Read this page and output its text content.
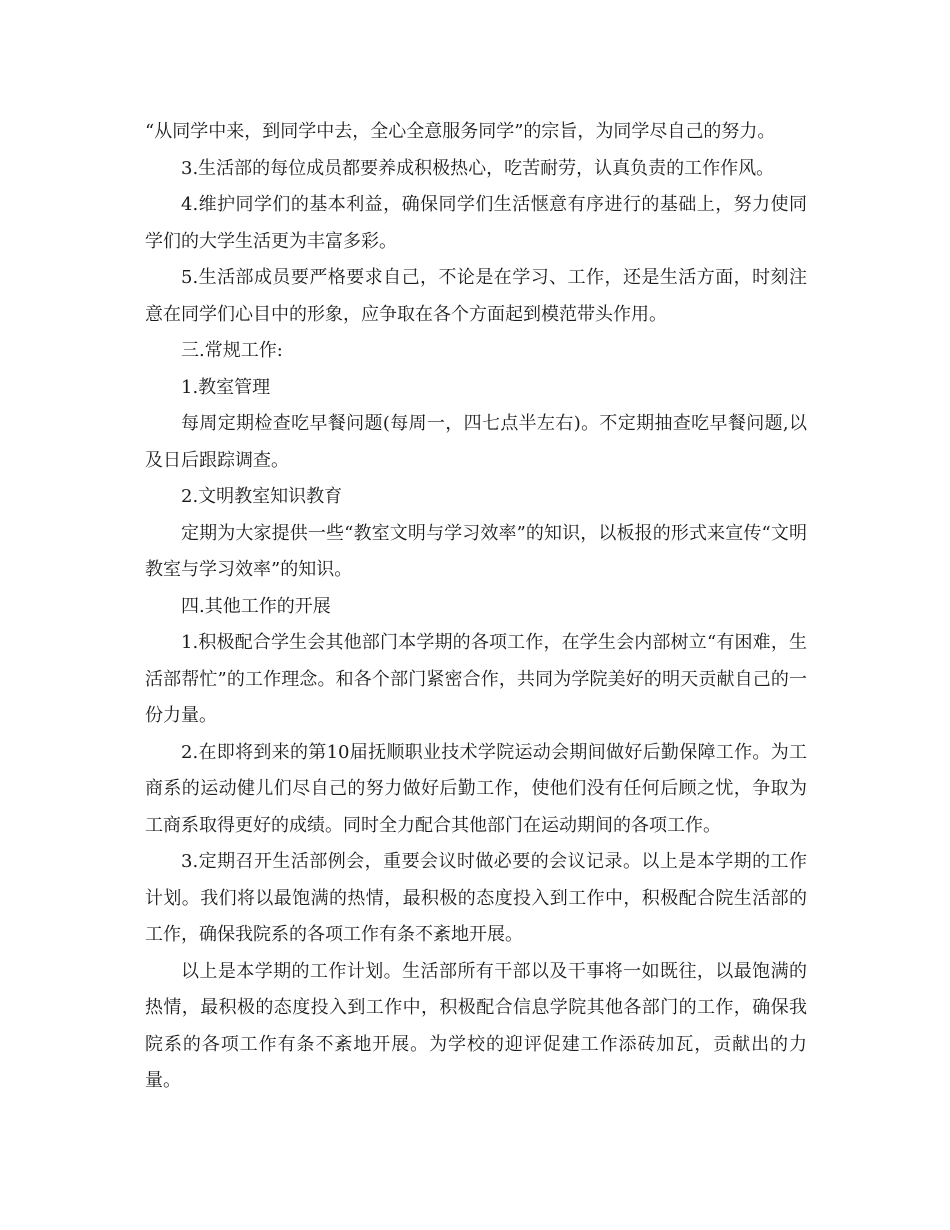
“从同学中来，到同学中去，全心全意服务同学”的宗旨，为同学尽自己的努力。

3.生活部的每位成员都要养成积极热心，吃苦耐劳，认真负责的工作作风。

4.维护同学们的基本利益，确保同学们生活惬意有序进行的基础上，努力使同学们的大学生活更为丰富多彩。

5.生活部成员要严格要求自己，不论是在学习、工作，还是生活方面，时刻注意在同学们心目中的形象，应争取在各个方面起到模范带头作用。

三.常规工作:

1.教室管理

每周定期检查吃早餐问题(每周一，四七点半左右)。不定期抽查吃早餐问题,以及日后跟踪调查。

2.文明教室知识教育

定期为大家提供一些“教室文明与学习效率”的知识，以板报的形式来宣传“文明教室与学习效率”的知识。

四.其他工作的开展

1.积极配合学生会其他部门本学期的各项工作，在学生会内部树立“有困难，生活部帮忙”的工作理念。和各个部门紧密合作，共同为学院美好的明天贡献自己的一份力量。

2.在即将到来的第10届抚顺职业技术学院运动会期间做好后勤保障工作。为工商系的运动健儿们尽自己的努力做好后勤工作，使他们没有任何后顾之忧，争取为工商系取得更好的成绩。同时全力配合其他部门在运动期间的各项工作。

3.定期召开生活部例会，重要会议时做必要的会议记录。以上是本学期的工作计划。我们将以最饱满的热情，最积极的态度投入到工作中，积极配合院生活部的工作，确保我院系的各项工作有条不紊地开展。

以上是本学期的工作计划。生活部所有干部以及干事将一如既往，以最饱满的热情，最积极的态度投入到工作中，积极配合信息学院其他各部门的工作，确保我院系的各项工作有条不紊地开展。为学校的迎评促建工作添砖加瓦，贡献出的力量。
